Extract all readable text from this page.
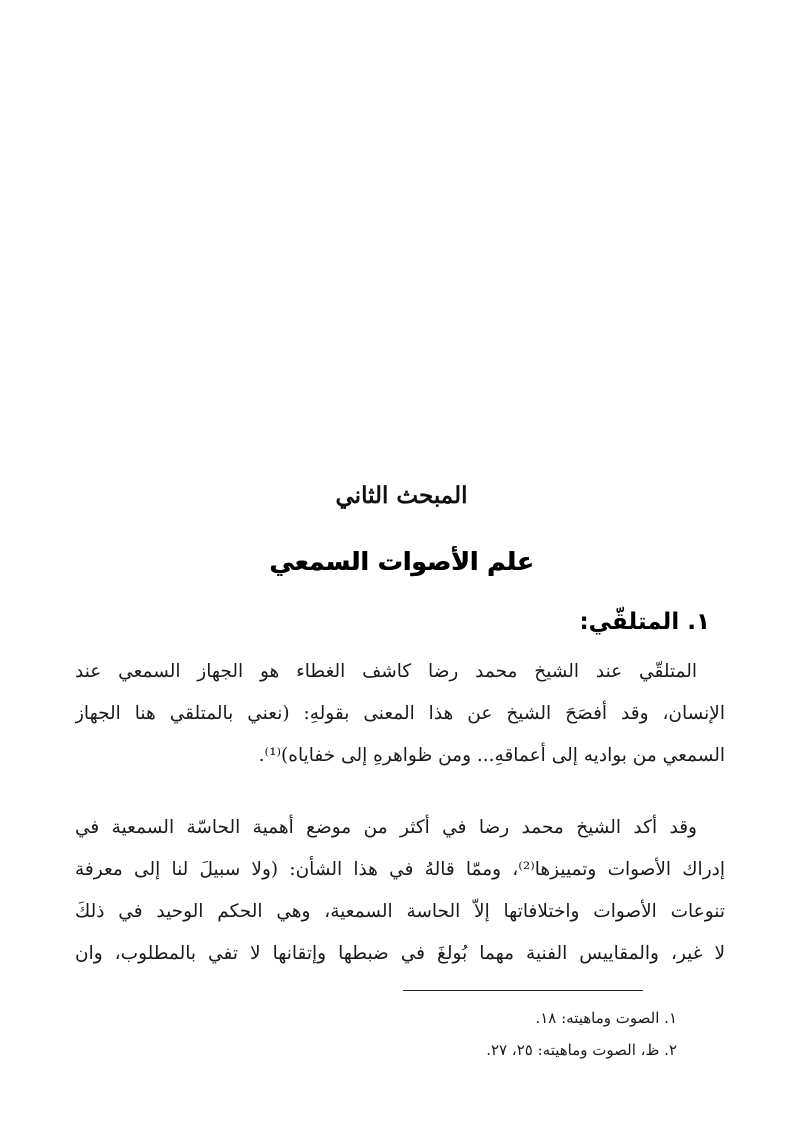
المبحث الثاني
علم الأصوات السمعي
١. المتلقّي:
المتلقّي عند الشيخ محمد رضا كاشف الغطاء هو الجهاز السمعي عند
الإنسان، وقد أفصَحَ الشيخ عن هذا المعنى بقولهِ: (نعني بالمتلقي هنا الجهاز
السمعي من بواديه إلى أعماقهِ... ومن ظواهرهِ إلى خفاياه)⁽¹⁾.
وقد أكد الشيخ محمد رضا في أكثر من موضع أهمية الحاسّة السمعية في
إدراك الأصوات وتمييزها⁽²⁾، وممّا قالهُ في هذا الشأن: (ولا سبيلَ لنا إلى معرفة
تنوعات الأصوات واختلافاتها إلاّ الحاسة السمعية، وهي الحكم الوحيد في ذلكَ
لا غير، والمقاييس الفنية مهما بُولغَ في ضبطها وإتقانها لا تفي بالمطلوب، وان
١. الصوت وماهيته: ١٨.
٢. ظ، الصوت وماهيته: ٢٥، ٢٧.
